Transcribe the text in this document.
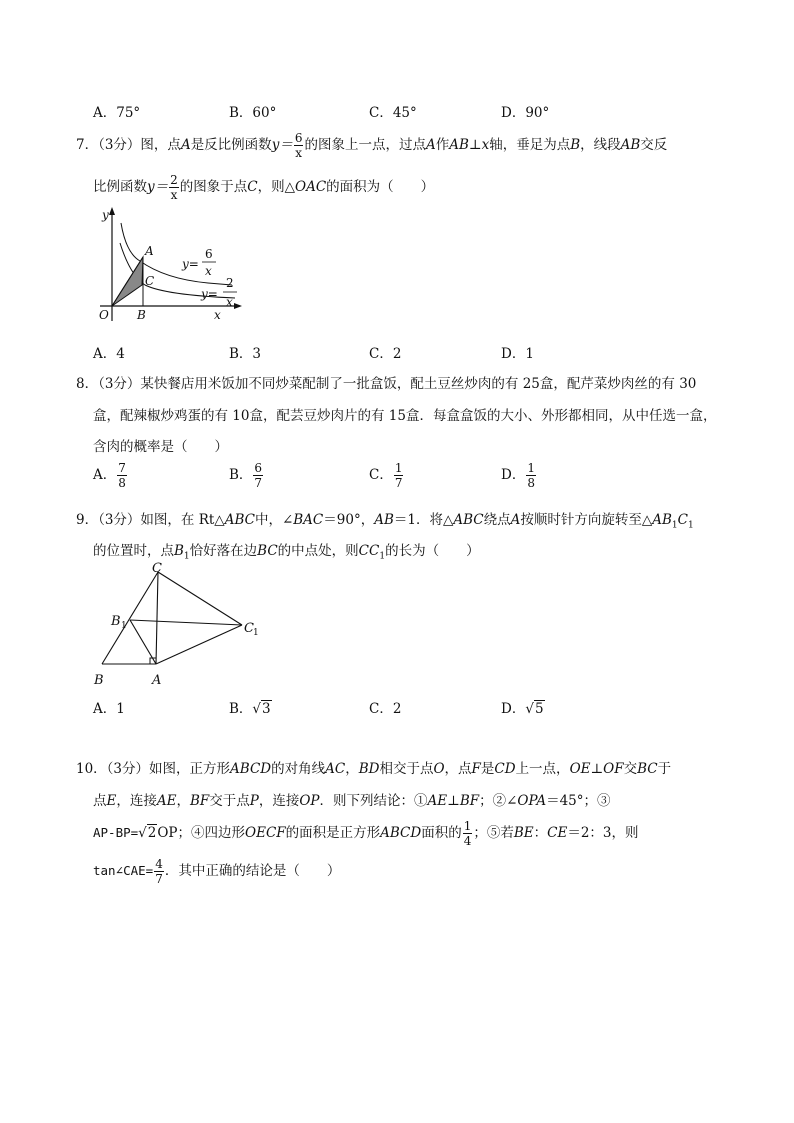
A．75°	B．60°	C．45°	D．90°
7．（3分）图，点A是反比例函数$y= \frac{6}{x}$ 的图象上一点，过点A作AB⊥x轴，垂足为点B，线段AB交反
比例函数$y= \frac{2}{x}$ 的图象于点C，则△OAC的面积为（　　）
y
O B	x
A
C
y=
6
x
y=
2
x
A．4	B．3	C．2	D．1
8．（3分）某快餐店用米饭加不同炒菜配制了一批盒饭，配土豆丝炒肉的有 25盒，配芹菜炒肉丝的有 30
盒，配辣椒炒鸡蛋的有 10盒，配芸豆炒肉片的有 15盒．每盒盒饭的大小、外形都相同，从中任选一盒，
含肉的概率是（　　）
A． $\frac{7}{8}$	B． $\frac{6}{7}$	C． $\frac{1}{7}$	D． $\frac{1}{8}$
9．（3分）如图，在 Rt△ABC中，∠BAC＝90°，AB＝1．将△ABC绕点A按顺时针方向旋转至$\triangle AB_1C_1$
的位置时，点$B_1$恰好落在边BC的中点处，则$CC_1$的长为（　　）
C
B 1	C 1
B	A
A．1	B．√3	C．2	D．√5
10．（3分）如图，正方形ABCD的对角线AC，BD相交于点O，点F是CD上一点，OE⊥OF交BC于
点E，连接AE，BF交于点P，连接OP．则下列结论：①AE⊥BF；②∠OPA＝45°；③
AP-BP=√2OP；④四边形OECF的面积是正方形ABCD面积的 $\frac{1}{4}$ ；⑤若BE：CE＝2：3，则
tan∠CAE= $\frac{4}{7}$ ．其中正确的结论是（　　）
